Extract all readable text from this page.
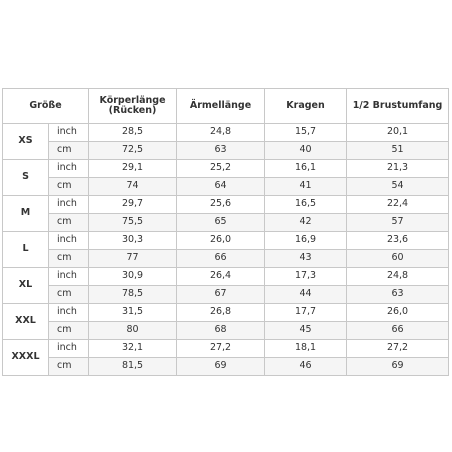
Größe		Körperlänge (Rücken)	Ärmellänge	Kragen	1/2 Brustumfang
XS	inch	28,5	24,8	15,7	20,1
	cm	72,5	63	40	51
S	inch	29,1	25,2	16,1	21,3
	cm	74	64	41	54
M	inch	29,7	25,6	16,5	22,4
	cm	75,5	65	42	57
L	inch	30,3	26,0	16,9	23,6
	cm	77	66	43	60
XL	inch	30,9	26,4	17,3	24,8
	cm	78,5	67	44	63
XXL	inch	31,5	26,8	17,7	26,0
	cm	80	68	45	66
XXXL	inch	32,1	27,2	18,1	27,2
	cm	81,5	69	46	69
